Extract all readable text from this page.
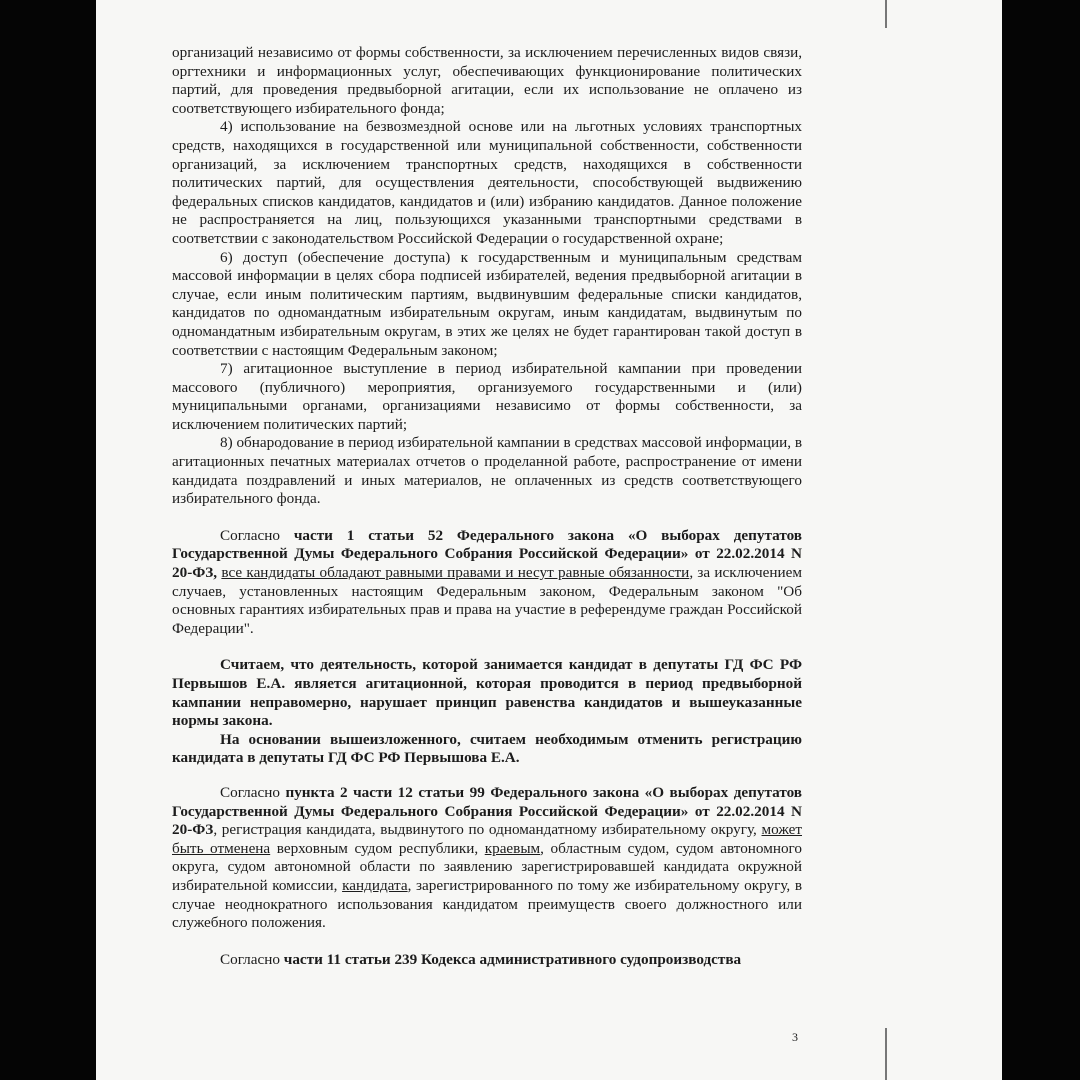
организаций независимо от формы собственности, за исключением перечисленных видов связи, оргтехники и информационных услуг, обеспечивающих функционирование политических партий, для проведения предвыборной агитации, если их использование не оплачено из соответствующего избирательного фонда;

4) использование на безвозмездной основе или на льготных условиях транспортных средств, находящихся в государственной или муниципальной собственности, собственности организаций, за исключением транспортных средств, находящихся в собственности политических партий, для осуществления деятельности, способствующей выдвижению федеральных списков кандидатов, кандидатов и (или) избранию кандидатов. Данное положение не распространяется на лиц, пользующихся указанными транспортными средствами в соответствии с законодательством Российской Федерации о государственной охране;

6) доступ (обеспечение доступа) к государственным и муниципальным средствам массовой информации в целях сбора подписей избирателей, ведения предвыборной агитации в случае, если иным политическим партиям, выдвинувшим федеральные списки кандидатов, кандидатов по одномандатным избирательным округам, иным кандидатам, выдвинутым по одномандатным избирательным округам, в этих же целях не будет гарантирован такой доступ в соответствии с настоящим Федеральным законом;

7) агитационное выступление в период избирательной кампании при проведении массового (публичного) мероприятия, организуемого государственными и (или) муниципальными органами, организациями независимо от формы собственности, за исключением политических партий;

8) обнародование в период избирательной кампании в средствах массовой информации, в агитационных печатных материалах отчетов о проделанной работе, распространение от имени кандидата поздравлений и иных материалов, не оплаченных из средств соответствующего избирательного фонда.

Согласно части 1 статьи 52 Федерального закона «О выборах депутатов Государственной Думы Федерального Собрания Российской Федерации» от 22.02.2014 N 20-ФЗ, все кандидаты обладают равными правами и несут равные обязанности, за исключением случаев, установленных настоящим Федеральным законом, Федеральным законом "Об основных гарантиях избирательных прав и права на участие в референдуме граждан Российской Федерации".

Считаем, что деятельность, которой занимается кандидат в депутаты ГД ФС РФ Первышов Е.А. является агитационной, которая проводится в период предвыборной кампании неправомерно, нарушает принцип равенства кандидатов и вышеуказанные нормы закона.

На основании вышеизложенного, считаем необходимым отменить регистрацию кандидата в депутаты ГД ФС РФ Первышова Е.А.

Согласно пункта 2 части 12 статьи 99 Федерального закона «О выборах депутатов Государственной Думы Федерального Собрания Российской Федерации» от 22.02.2014 N 20-ФЗ, регистрация кандидата, выдвинутого по одномандатному избирательному округу, может быть отменена верховным судом республики, краевым, областным судом, судом автономного округа, судом автономной области по заявлению зарегистрировавшей кандидата окружной избирательной комиссии, кандидата, зарегистрированного по тому же избирательному округу, в случае неоднократного использования кандидатом преимуществ своего должностного или служебного положения.

Согласно части 11 статьи 239 Кодекса административного судопроизводства

3
